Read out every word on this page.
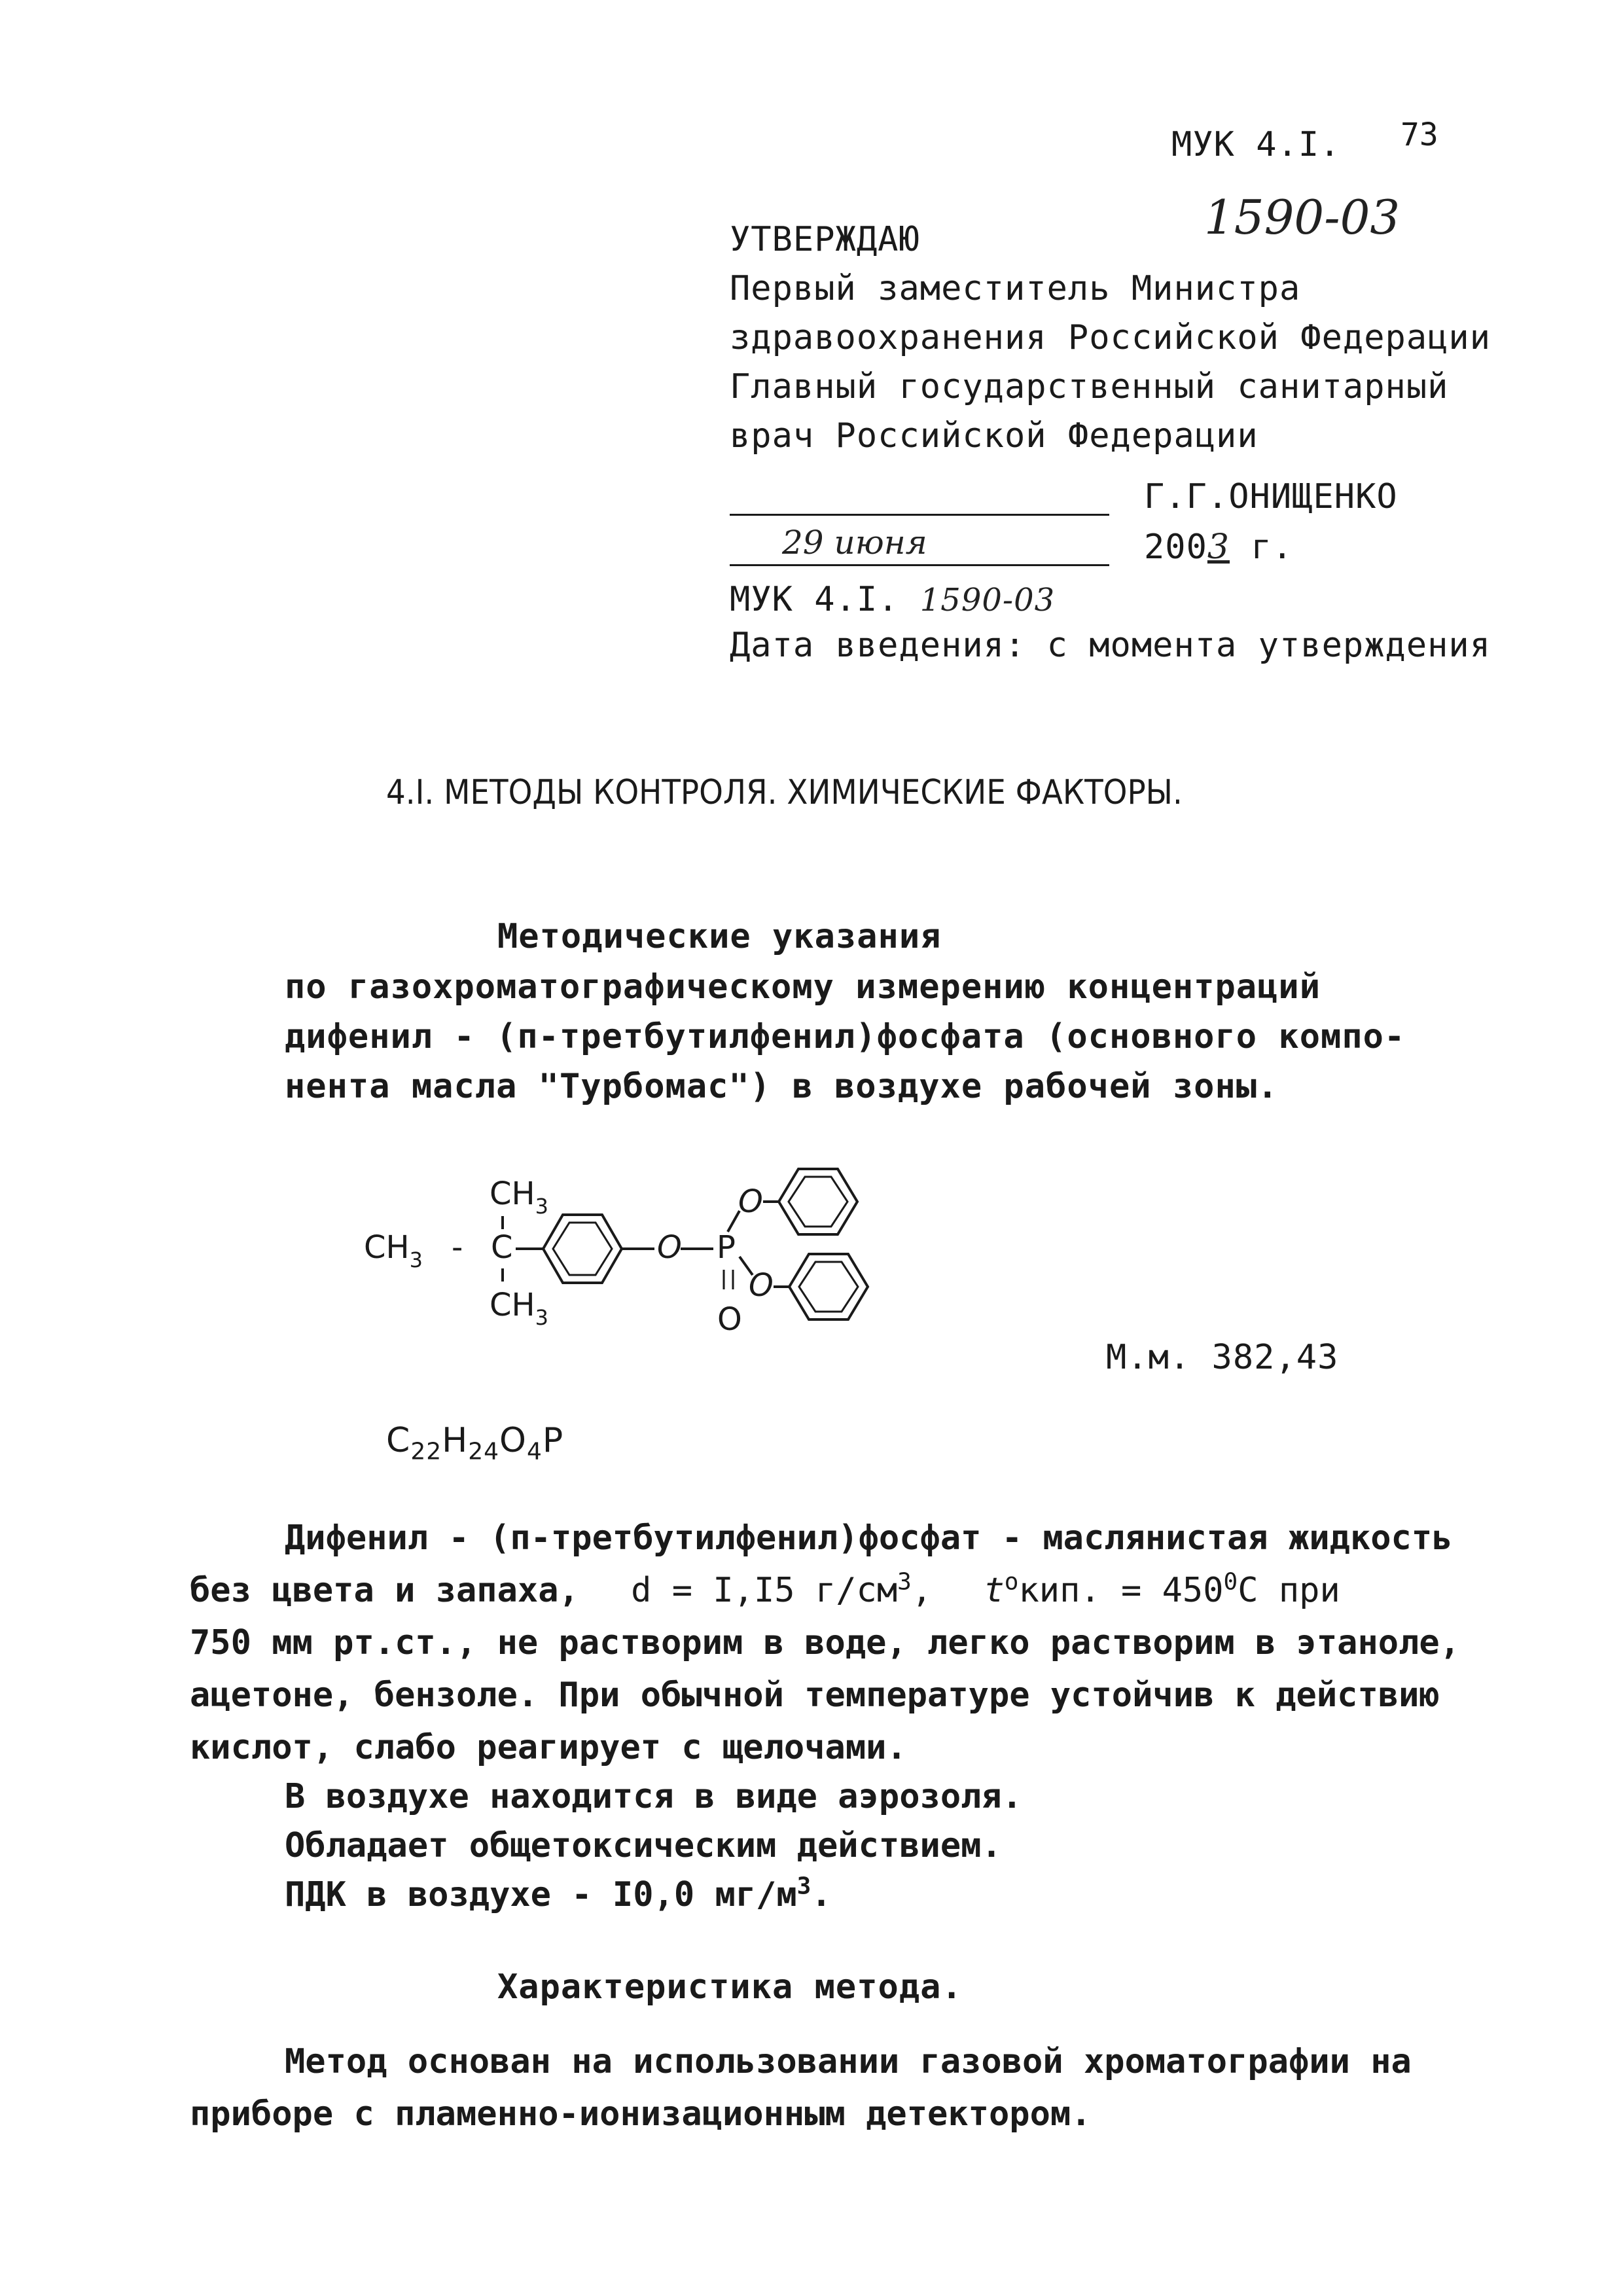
МУК 4.I. 73
1590-03
УТВЕРЖДАЮ
Первый заместитель Министра
здравоохранения Российской Федерации
Главный государственный санитарный
врач Российской Федерации
Г.Г.ОНИЩЕНКО
29 июня	2003 г.
МУК 4.I. 1590-03
Дата введения: с момента утверждения
4.I. МЕТОДЫ КОНТРОЛЯ. ХИМИЧЕСКИЕ ФАКТОРЫ.
Методические указания
по газохроматографическому измерению концентраций
дифенил - (п-третбутилфенил)фосфата (основного компо-
нента масла "Турбомас") в воздухе рабочей зоны.
$CH_3$
$CH_3$ - C
$CH_3$
O P
O
O
O
М.м. 382,43
$C_{22}H_{24}O_4P$
Дифенил - (п-третбутилфенил)фосфат - маслянистая жидкость
без цвета и запаха, d = I,I5 $г/см^3$, $t^окип$. = $450^0C$ при
750 мм рт.ст., не растворим в воде, легко растворим в этаноле,
ацетоне, бензоле. При обычной температуре устойчив к действию
кислот, слабо реагирует с щелочами.
В воздухе находится в виде аэрозоля.
Обладает общетоксическим действием.
ПДК в воздухе - I0,0 $мг/м^3$.
Характеристика метода.
Метод основан на использовании газовой хроматографии на
приборе с пламенно-ионизационным детектором.
